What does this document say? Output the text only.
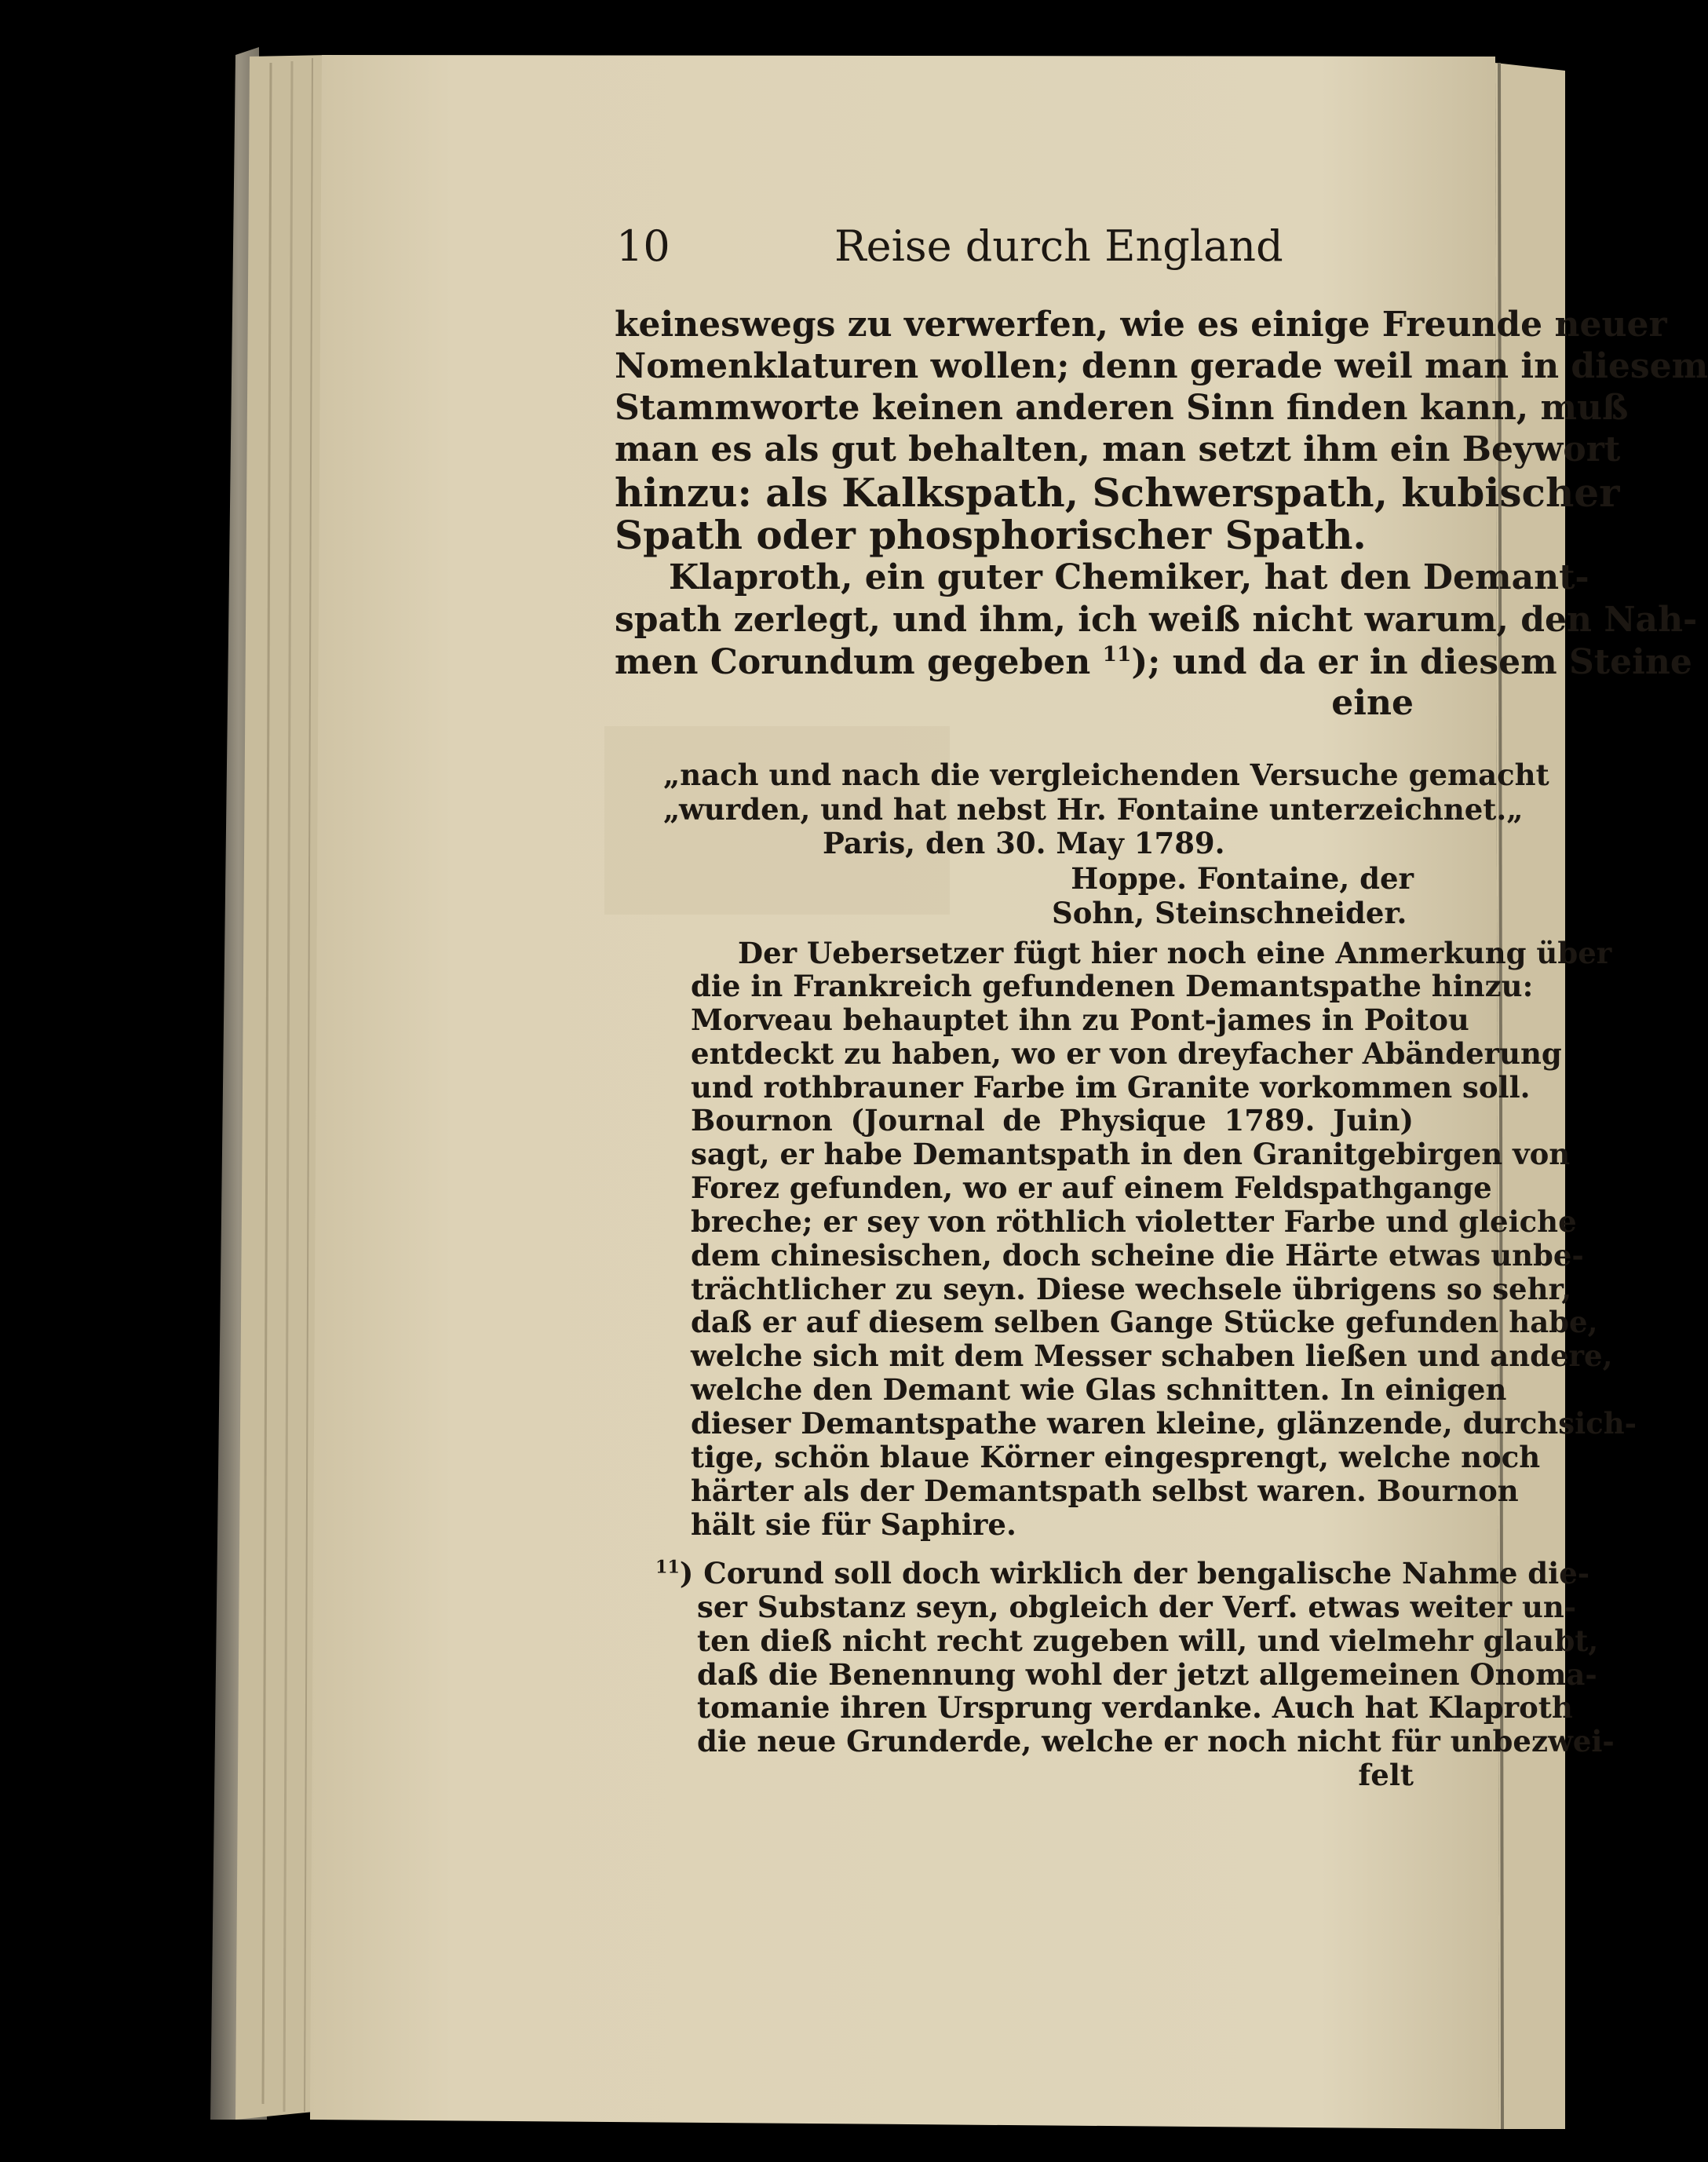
10	Reise durch England
keineswegs zu verwerfen, wie es einige Freunde neuer
Nomenklaturen wollen; denn gerade weil man in diesem
Stammworte keinen anderen Sinn finden kann, muß
man es als gut behalten, man setzt ihm ein Beywort
hinzu: als Kalkspath, Schwerspath, kubischer
Spath oder phosphorischer Spath.
Klaproth, ein guter Chemiker, hat den Demant-
spath zerlegt, und ihm, ich weiß nicht warum, den Nah-
men Corundum gegeben $^{11}$); und da er in diesem Steine
eine
„nach und nach die vergleichenden Versuche gemacht
„wurden, und hat nebst Hr. Fontaine unterzeichnet.„
Paris, den 30. May 1789.
Hoppe. Fontaine, der
Sohn, Steinschneider.
Der Uebersetzer fügt hier noch eine Anmerkung über
die in Frankreich gefundenen Demantspathe hinzu:
Morveau behauptet ihn zu Pont-james in Poitou
entdeckt zu haben, wo er von dreyfacher Abänderung
und rothbrauner Farbe im Granite vorkommen soll.
Bournon (Journal de Physique 1789. Juin)
sagt, er habe Demantspath in den Granitgebirgen von
Forez gefunden, wo er auf einem Feldspathgange
breche; er sey von röthlich violetter Farbe und gleiche
dem chinesischen, doch scheine die Härte etwas unbe-
trächtlicher zu seyn. Diese wechsele übrigens so sehr,
daß er auf diesem selben Gange Stücke gefunden habe,
welche sich mit dem Messer schaben ließen und andere,
welche den Demant wie Glas schnitten. In einigen
dieser Demantspathe waren kleine, glänzende, durchsich-
tige, schön blaue Körner eingesprengt, welche noch
härter als der Demantspath selbst waren. Bournon
hält sie für Saphire.
$^{11}$) Corund soll doch wirklich der bengalische Nahme die-
ser Substanz seyn, obgleich der Verf. etwas weiter un-
ten dieß nicht recht zugeben will, und vielmehr glaubt,
daß die Benennung wohl der jetzt allgemeinen Onoma-
tomanie ihren Ursprung verdanke. Auch hat Klaproth
die neue Grunderde, welche er noch nicht für unbezwei-
felt
